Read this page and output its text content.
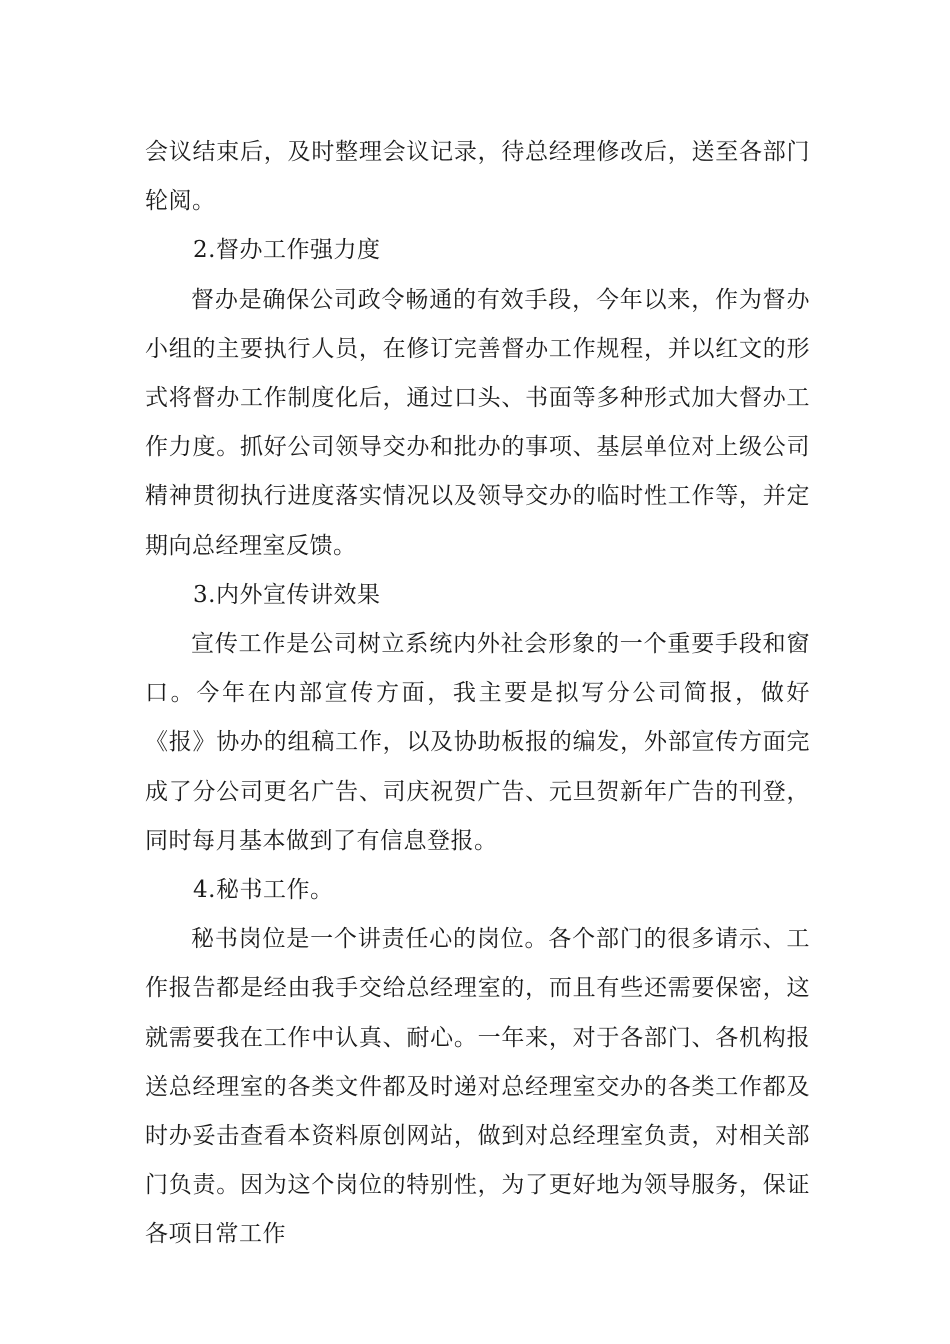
会议结束后，及时整理会议记录，待总经理修改后，送至各部门轮阅。

2.督办工作强力度

督办是确保公司政令畅通的有效手段，今年以来，作为督办小组的主要执行人员，在修订完善督办工作规程，并以红文的形式将督办工作制度化后，通过口头、书面等多种形式加大督办工作力度。抓好公司领导交办和批办的事项、基层单位对上级公司精神贯彻执行进度落实情况以及领导交办的临时性工作等，并定期向总经理室反馈。

3.内外宣传讲效果

宣传工作是公司树立系统内外社会形象的一个重要手段和窗口。今年在内部宣传方面，我主要是拟写分公司简报，做好《报》协办的组稿工作，以及协助板报的编发，外部宣传方面完成了分公司更名广告、司庆祝贺广告、元旦贺新年广告的刊登，同时每月基本做到了有信息登报。

4.秘书工作。

秘书岗位是一个讲责任心的岗位。各个部门的很多请示、工作报告都是经由我手交给总经理室的，而且有些还需要保密，这就需要我在工作中认真、耐心。一年来，对于各部门、各机构报送总经理室的各类文件都及时递对总经理室交办的各类工作都及时办妥击查看本资料原创网站，做到对总经理室负责，对相关部门负责。因为这个岗位的特别性，为了更好地为领导服务，保证各项日常工作
